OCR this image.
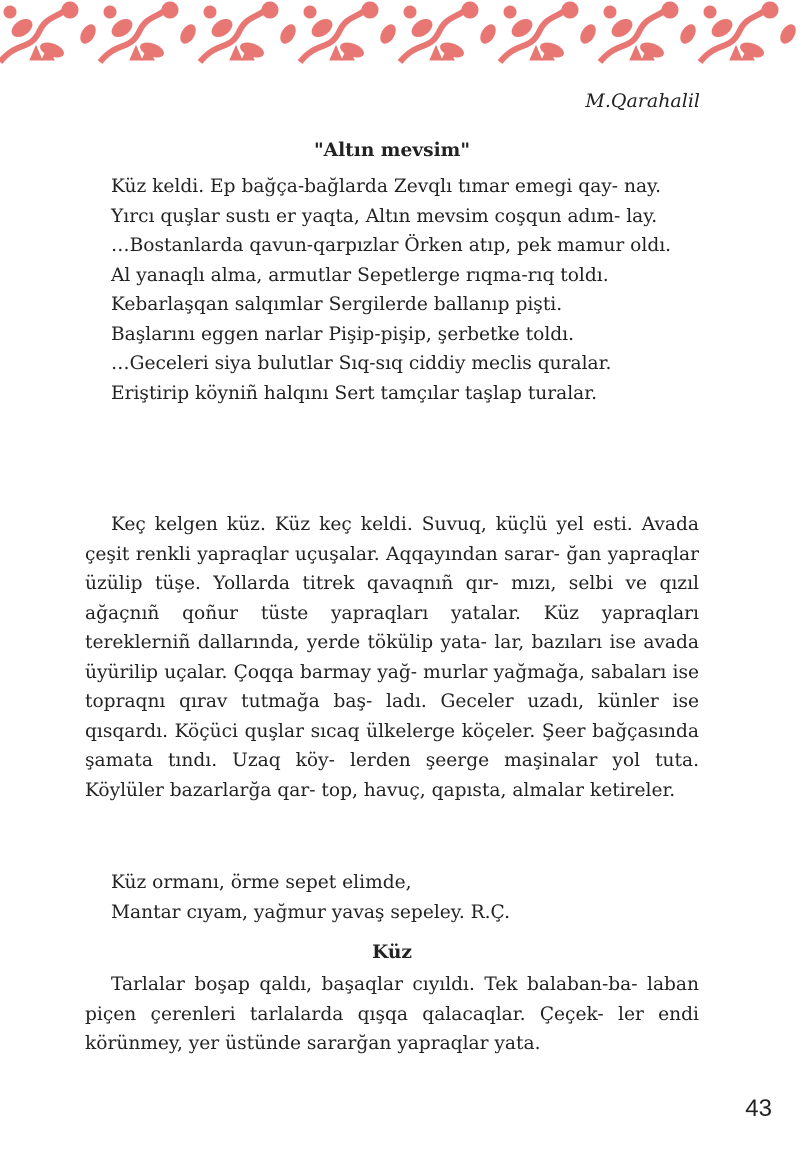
M.Qarahalil
"Altın mevsim"

Küz keldi. Ep bağça-bağlarda Zevqlı tımar emegi qay- nay.

Yırcı quşlar sustı er yaqta, Altın mevsim coşqun adım- lay.

…Bostanlarda qavun-qarpızlar Örken atıp, pek mamur oldı.

Al yanaqlı alma, armutlar Sepetlerge rıqma-rıq toldı.

Kebarlaşqan salqımlar Sergilerde ballanıp pişti.

Başlarını eggen narlar Pişip-pişip, şerbetke toldı.

…Geceleri siya bulutlar Sıq-sıq ciddiy meclis quralar.

Eriştirip köyniñ halqını Sert tamçılar taşlap turalar.

Keç kelgen küz. Küz keç keldi. Suvuq, küçlü yel esti. Avada çeşit renkli yapraqlar uçuşalar. Aqqayından sarar- ğan yapraqlar üzülip tüşe. Yollarda titrek qavaqnıñ qır- mızı, selbi ve qızıl ağaçnıñ qoñur tüste yapraqları yatalar. Küz yapraqları tereklerniñ dallarında, yerde tökülip yata- lar, bazıları ise avada üyürilip uçalar. Çoqqa barmay yağ- murlar yağmağa, sabaları ise topraqnı qırav tutmağa baş- ladı. Geceler uzadı, künler ise qısqardı. Köçüci quşlar sıcaq ülkelerge köçeler. Şeer bağçasında şamata tındı. Uzaq köy- lerden şeerge maşinalar yol tuta. Köylüler bazarlarğa qar- top, havuç, qapısta, almalar ketireler.

Küz ormanı, örme sepet elimde,

Mantar cıyam, yağmur yavaş sepeley. R.Ç.

Küz

Tarlalar boşap qaldı, başaqlar cıyıldı. Tek balaban-ba- laban piçen çerenleri tarlalarda qışqa qalacaqlar. Çeçek- ler endi körünmey, yer üstünde sararğan yapraqlar yata.

43
